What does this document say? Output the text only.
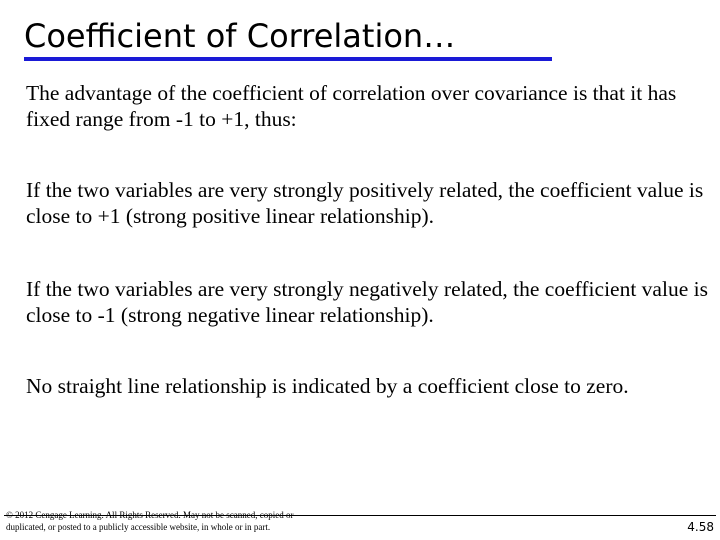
Coefficient of Correlation…

The advantage of the coefficient of correlation over covariance is that it has fixed range from -1 to +1, thus:

If the two variables are very strongly positively related, the coefficient value is close to +1 (strong positive linear relationship).

If the two variables are very strongly negatively related, the coefficient value is close to -1 (strong negative linear relationship).

No straight line relationship is indicated by a coefficient close to zero.

© 2012 Cengage Learning. All Rights Reserved. May not be scanned, copied or
duplicated, or posted to a publicly accessible website, in whole or in part.	4.58
